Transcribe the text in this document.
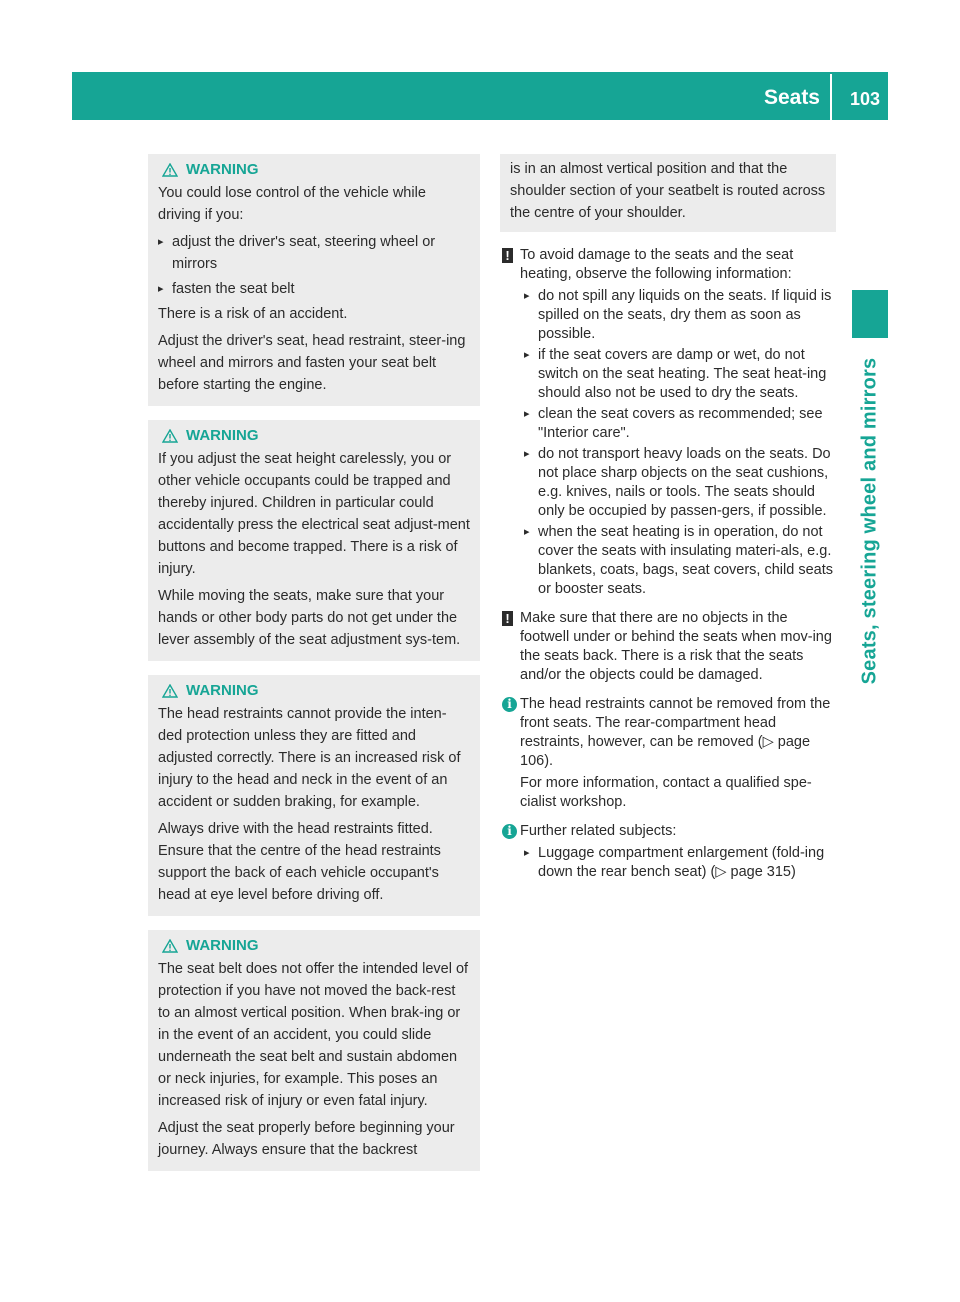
Seats 103
Seats, steering wheel and mirrors
WARNING

You could lose control of the vehicle while driving if you:

▸ adjust the driver's seat, steering wheel or mirrors
▸ fasten the seat belt

There is a risk of an accident.

Adjust the driver's seat, head restraint, steer-ing wheel and mirrors and fasten your seat belt before starting the engine.

WARNING

If you adjust the seat height carelessly, you or other vehicle occupants could be trapped and thereby injured. Children in particular could accidentally press the electrical seat adjust-ment buttons and become trapped. There is a risk of injury.

While moving the seats, make sure that your hands or other body parts do not get under the lever assembly of the seat adjustment sys-tem.

WARNING

The head restraints cannot provide the inten-ded protection unless they are fitted and adjusted correctly. There is an increased risk of injury to the head and neck in the event of an accident or sudden braking, for example.

Always drive with the head restraints fitted. Ensure that the centre of the head restraints support the back of each vehicle occupant's head at eye level before driving off.

WARNING

The seat belt does not offer the intended level of protection if you have not moved the back-rest to an almost vertical position. When brak-ing or in the event of an accident, you could slide underneath the seat belt and sustain abdomen or neck injuries, for example. This poses an increased risk of injury or even fatal injury.

Adjust the seat properly before beginning your journey. Always ensure that the backrest

is in an almost vertical position and that the shoulder section of your seatbelt is routed across the centre of your shoulder.

! To avoid damage to the seats and the seat heating, observe the following information:

▸ do not spill any liquids on the seats. If liquid is spilled on the seats, dry them as soon as possible.
▸ if the seat covers are damp or wet, do not switch on the seat heating. The seat heat-ing should also not be used to dry the seats.
▸ clean the seat covers as recommended; see "Interior care".
▸ do not transport heavy loads on the seats. Do not place sharp objects on the seat cushions, e.g. knives, nails or tools. The seats should only be occupied by passen-gers, if possible.
▸ when the seat heating is in operation, do not cover the seats with insulating materi-als, e.g. blankets, coats, bags, seat covers, child seats or booster seats.
! Make sure that there are no objects in the footwell under or behind the seats when mov-ing the seats back. There is a risk that the seats and/or the objects could be damaged.

i The head restraints cannot be removed from the front seats. The rear-compartment head restraints, however, can be removed (▷ page 106).

For more information, contact a qualified spe-cialist workshop.

i Further related subjects:

▸ Luggage compartment enlargement (fold-ing down the rear bench seat) (▷ page 315)
